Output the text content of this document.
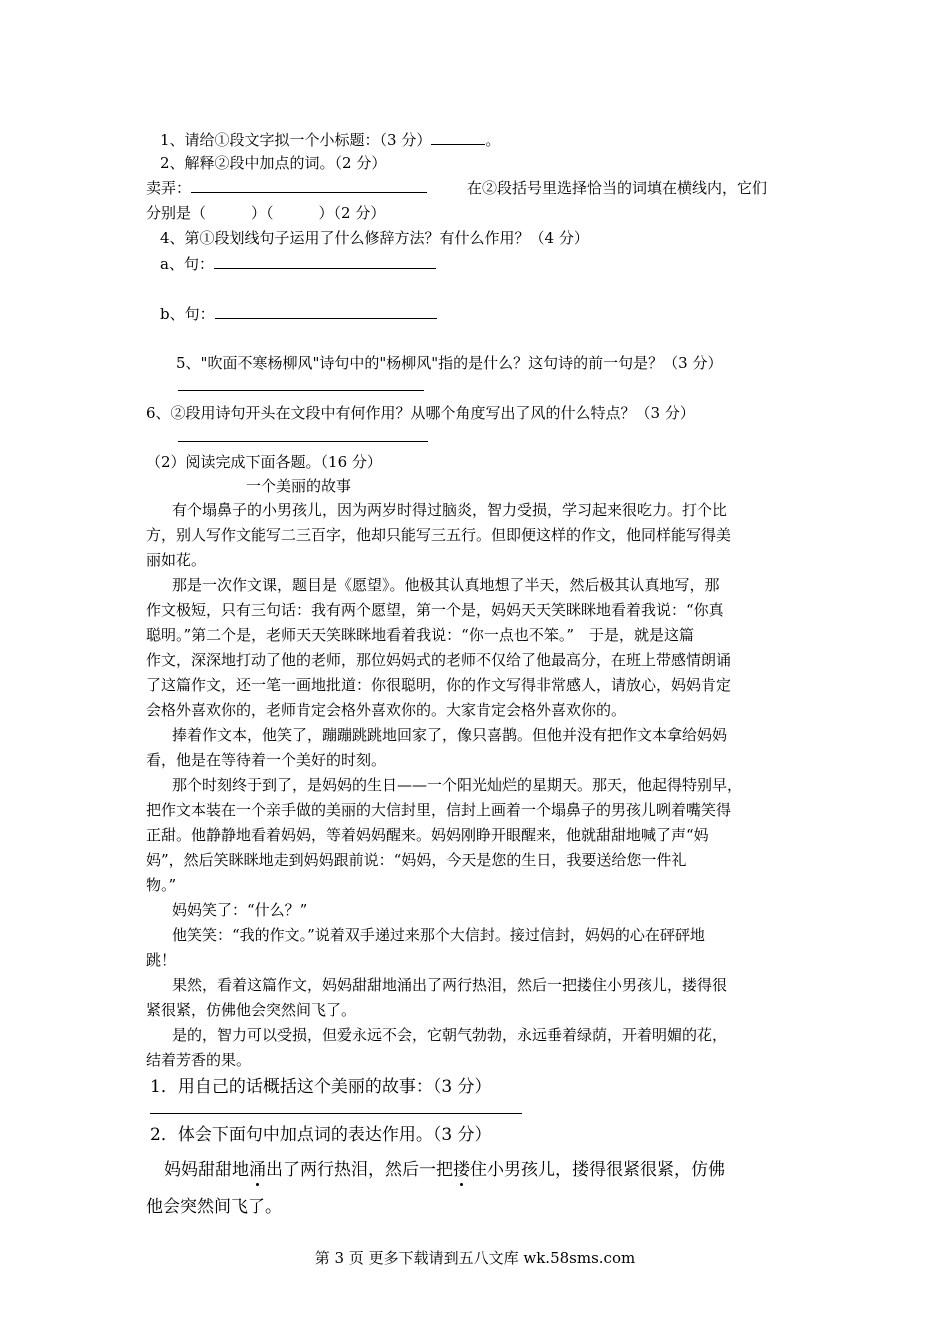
1、请给①段文字拟一个小标题：（3 分）	。
2、解释②段中加点的词。（2 分）
卖弄：	在②段括号里选择恰当的词填在横线内，它们
分别是（　　　）（　　　）（2 分）
4、第①段划线句子运用了什么修辞方法？有什么作用？（4 分）
a、句：
b、句：
5、"吹面不寒杨柳风"诗句中的"杨柳风"指的是什么？这句诗的前一句是？（3 分）
6、②段用诗句开头在文段中有何作用？从哪个角度写出了风的什么特点？（3 分）
（2）阅读完成下面各题。（16 分）
一个美丽的故事
有个塌鼻子的小男孩儿，因为两岁时得过脑炎，智力受损，学习起来很吃力。打个比
方，别人写作文能写二三百字，他却只能写三五行。但即便这样的作文，他同样能写得美
丽如花。
那是一次作文课，题目是《愿望》。他极其认真地想了半天，然后极其认真地写，那
作文极短，只有三句话：我有两个愿望，第一个是，妈妈天天笑眯眯地看着我说：“你真
聪明。”第二个是，老师天天笑眯眯地看着我说：“你一点也不笨。”　于是，就是这篇
作文，深深地打动了他的老师，那位妈妈式的老师不仅给了他最高分，在班上带感情朗诵
了这篇作文，还一笔一画地批道：你很聪明，你的作文写得非常感人，请放心，妈妈肯定
会格外喜欢你的，老师肯定会格外喜欢你的。大家肯定会格外喜欢你的。
捧着作文本，他笑了，蹦蹦跳跳地回家了，像只喜鹊。但他并没有把作文本拿给妈妈
看，他是在等待着一个美好的时刻。
那个时刻终于到了，是妈妈的生日——一个阳光灿烂的星期天。那天，他起得特别早，
把作文本装在一个亲手做的美丽的大信封里，信封上画着一个塌鼻子的男孩儿咧着嘴笑得
正甜。他静静地看着妈妈，等着妈妈醒来。妈妈刚睁开眼醒来，他就甜甜地喊了声“妈
妈”，然后笑眯眯地走到妈妈跟前说：“妈妈，今天是您的生日，我要送给您一件礼
物。”
妈妈笑了：“什么？”
他笑笑：“我的作文。”说着双手递过来那个大信封。接过信封，妈妈的心在砰砰地
跳！
果然，看着这篇作文，妈妈甜甜地涌出了两行热泪，然后一把搂住小男孩儿，搂得很
紧很紧，仿佛他会突然间飞了。
是的，智力可以受损，但爱永远不会，它朝气勃勃，永远垂着绿荫，开着明媚的花，
结着芳香的果。
1．用自己的话概括这个美丽的故事：（3 分）
2．体会下面句中加点词的表达作用。（3 分）
妈妈甜甜地涌出了两行热泪，然后一把搂住小男孩儿，搂得很紧很紧，仿佛
他会突然间飞了。
第 3 页 更多下载请到五八文库 wk.58sms.com
